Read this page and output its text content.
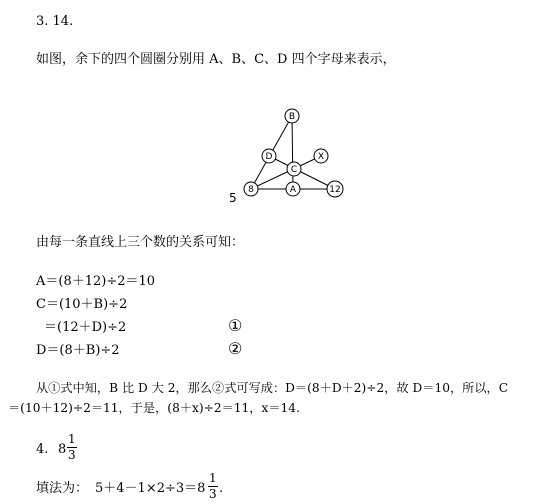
3. 14.
如图，余下的四个圆圈分别用 A、B、C、D 四个字母来表示，
B
D
C
X
8	A	12
5
由每一条直线上三个数的关系可知：
A＝(8＋12)÷2＝10
C＝(10＋B)÷2
＝(12＋D)÷2	①
D＝(8＋B)÷2	②
从①式中知，B 比 D 大 2，那么②式可写成：D＝(8＋D＋2)÷2，故 D＝10，所以，C
＝(10＋12)÷2＝11，于是，(8＋x)÷2＝11，x＝14.
4. $8 \frac{1}{3}$
填法为： $5+4-1\times 2\div 3=8 \frac{1}{3}$ .
